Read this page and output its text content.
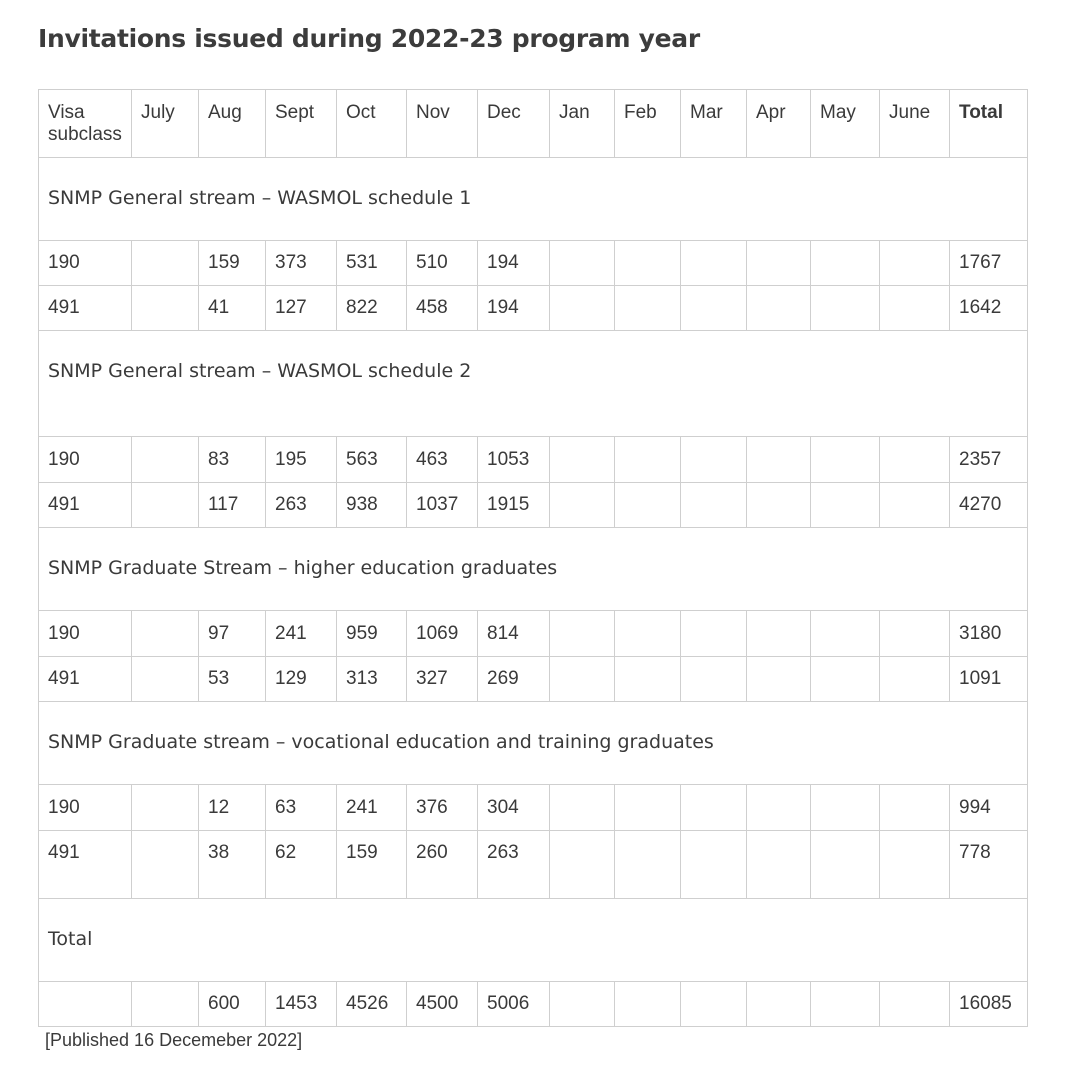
Invitations issued during 2022-23 program year
Visa subclass	July	Aug	Sept	Oct	Nov	Dec	Jan	Feb	Mar	Apr	May	June	Total
SNMP General stream – WASMOL schedule 1													
190		159	373	531	510	194							1767
491		41	127	822	458	194							1642
SNMP General stream – WASMOL schedule 2													
190		83	195	563	463	1053							2357
491		117	263	938	1037	1915							4270
SNMP Graduate Stream – higher education graduates													
190		97	241	959	1069	814							3180
491		53	129	313	327	269							1091
SNMP Graduate stream – vocational education and training graduates													
190		12	63	241	376	304							994
491		38	62	159	260	263							778
Total													
		600	1453	4526	4500	5006							16085

[Published 16 Decemeber 2022]
